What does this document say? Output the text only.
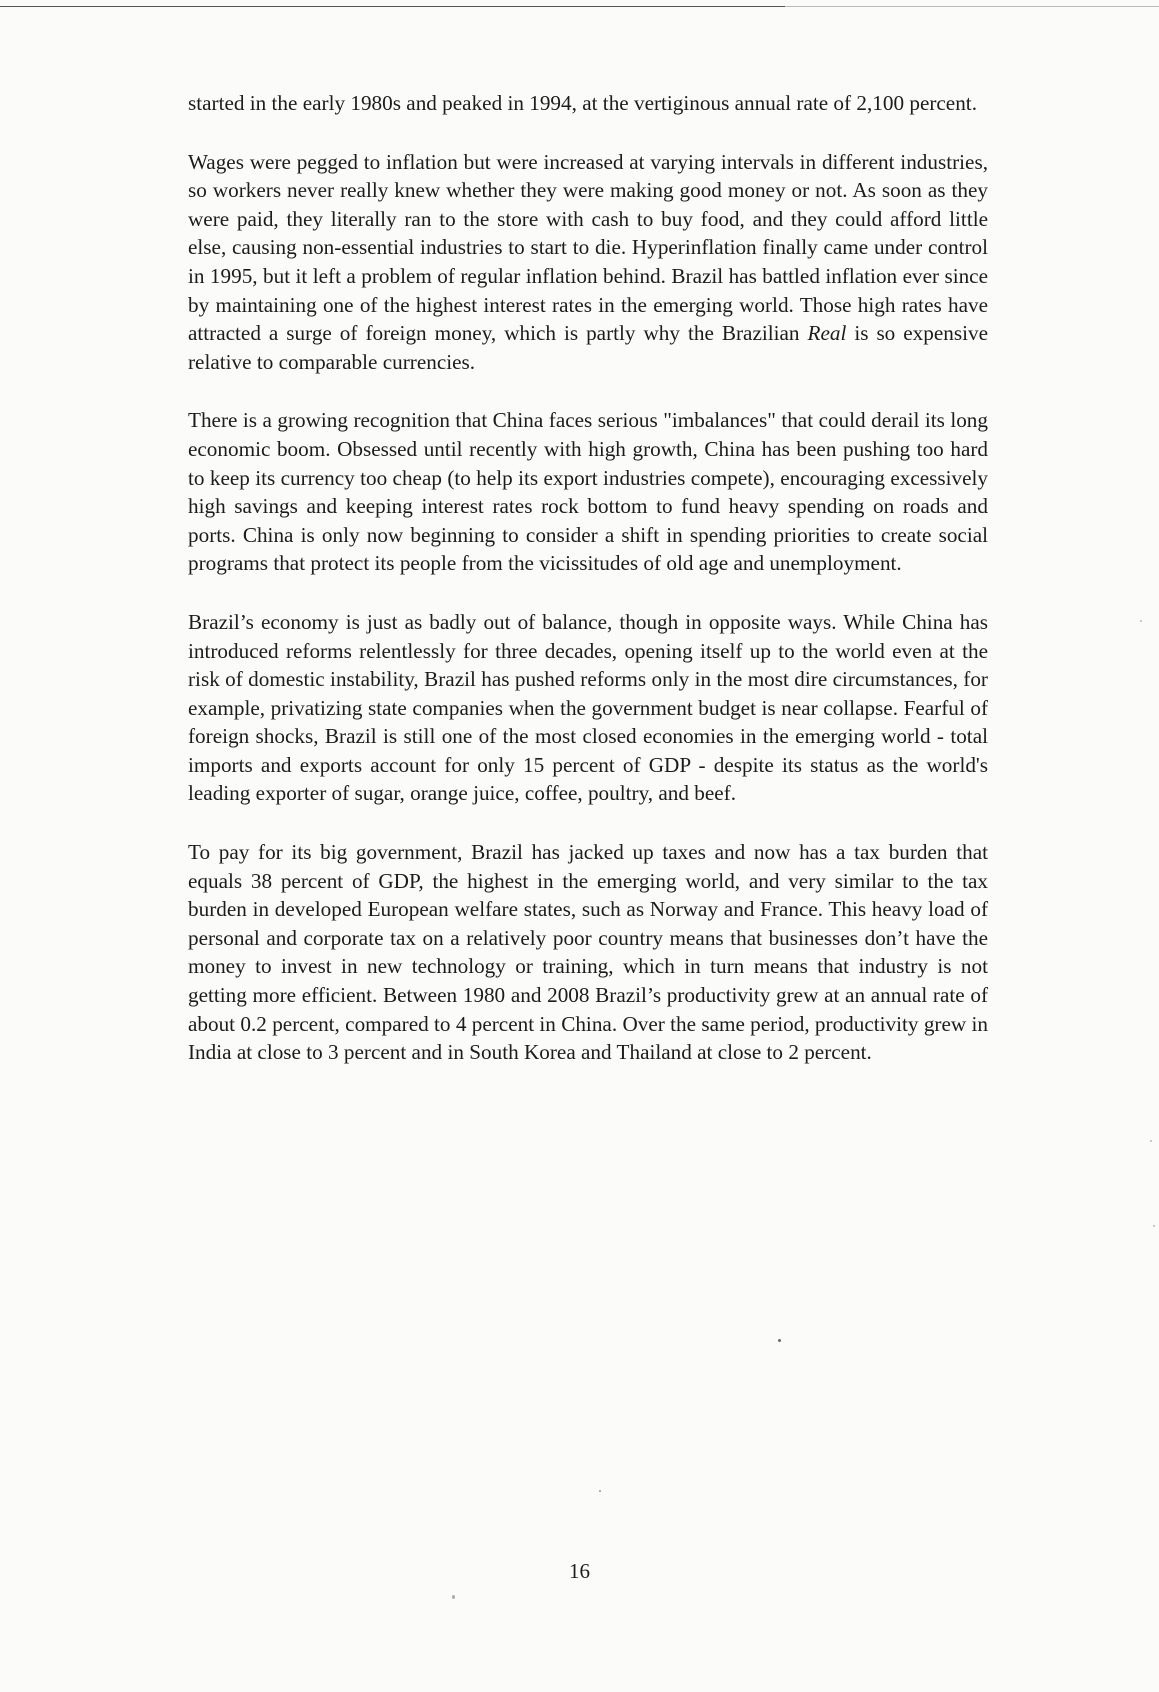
started in the early 1980s and peaked in 1994, at the vertiginous annual rate of 2,100 percent.

Wages were pegged to inflation but were increased at varying intervals in different industries, so workers never really knew whether they were making good money or not. As soon as they were paid, they literally ran to the store with cash to buy food, and they could afford little else, causing non-essential industries to start to die. Hyperinflation finally came under control in 1995, but it left a problem of regular inflation behind. Brazil has battled inflation ever since by maintaining one of the highest interest rates in the emerging world. Those high rates have attracted a surge of foreign money, which is partly why the Brazilian Real is so expensive relative to comparable currencies.

There is a growing recognition that China faces serious "imbalances" that could derail its long economic boom. Obsessed until recently with high growth, China has been pushing too hard to keep its currency too cheap (to help its export industries compete), encouraging excessively high savings and keeping interest rates rock bottom to fund heavy spending on roads and ports. China is only now beginning to consider a shift in spending priorities to create social programs that protect its people from the vicissitudes of old age and unemployment.

Brazil’s economy is just as badly out of balance, though in opposite ways. While China has introduced reforms relentlessly for three decades, opening itself up to the world even at the risk of domestic instability, Brazil has pushed reforms only in the most dire circumstances, for example, privatizing state companies when the government budget is near collapse. Fearful of foreign shocks, Brazil is still one of the most closed economies in the emerging world - total imports and exports account for only 15 percent of GDP - despite its status as the world's leading exporter of sugar, orange juice, coffee, poultry, and beef.

To pay for its big government, Brazil has jacked up taxes and now has a tax burden that equals 38 percent of GDP, the highest in the emerging world, and very similar to the tax burden in developed European welfare states, such as Norway and France. This heavy load of personal and corporate tax on a relatively poor country means that businesses don’t have the money to invest in new technology or training, which in turn means that industry is not getting more efficient. Between 1980 and 2008 Brazil’s productivity grew at an annual rate of about 0.2 percent, compared to 4 percent in China. Over the same period, productivity grew in India at close to 3 percent and in South Korea and Thailand at close to 2 percent.

16
